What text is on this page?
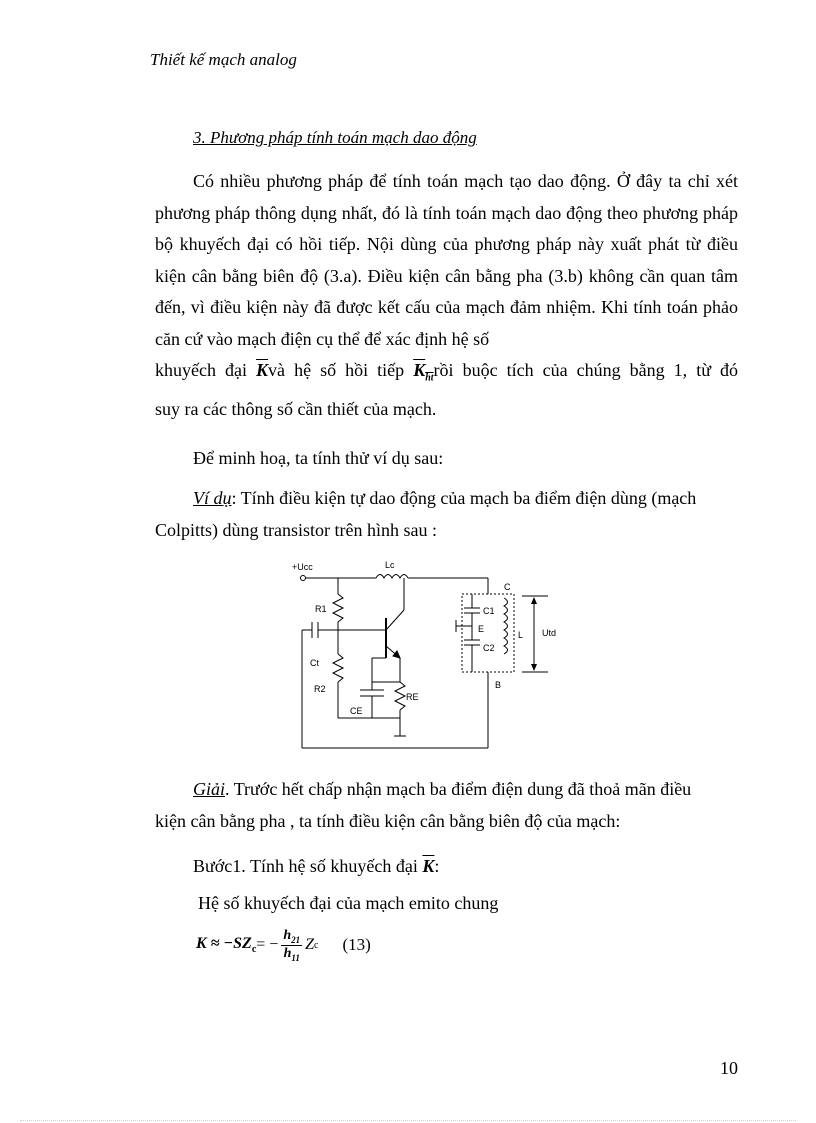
Thiết kế mạch analog
3. Phương pháp tính toán mạch dao động
Có nhiều phương pháp để tính toán mạch tạo dao động. Ở đây ta chỉ xét phương pháp thông dụng nhất, đó là tính toán mạch dao động theo phương pháp bộ khuyếch đại có hồi tiếp. Nội dùng của phương pháp này xuất phát từ điều kiện cân bằng biên độ (3.a). Điều kiện cân bằng pha (3.b) không cần quan tâm đến, vì điều kiện này đã được kết cấu của mạch đảm nhiệm. Khi tính toán phảo căn cứ vào mạch điện cụ thể để xác định hệ số
khuyếch đại $\overline{K}và$ hệ số hồi tiếp $K_{ht}rồi$ buộc tích của chúng bằng 1, từ đó
suy ra các thông số cần thiết của mạch.
Để minh hoạ, ta tính thử ví dụ sau:
Ví dụ: Tính điều kiện tự dao động của mạch ba điểm điện dùng (mạch
Colpitts) dùng transistor trên hình sau :
+Ucc	Lc
R1
Ct
R2
CE
RE
C
C1
E
C2
L
B
Utd
Giải. Trước hết chấp nhận mạch ba điểm điện dung đã thoả mãn điều
kiện cân bằng pha , ta tính điều kiện cân bằng biên độ của mạch:
Bước1. Tính hệ số khuyếch đại $\overline{K}$:
Hệ số khuyếch đại của mạch emito chung
$K \approx -SZ_c$ = − $\frac{h_{21}}{h_{11}}$ Z c (13)
10
